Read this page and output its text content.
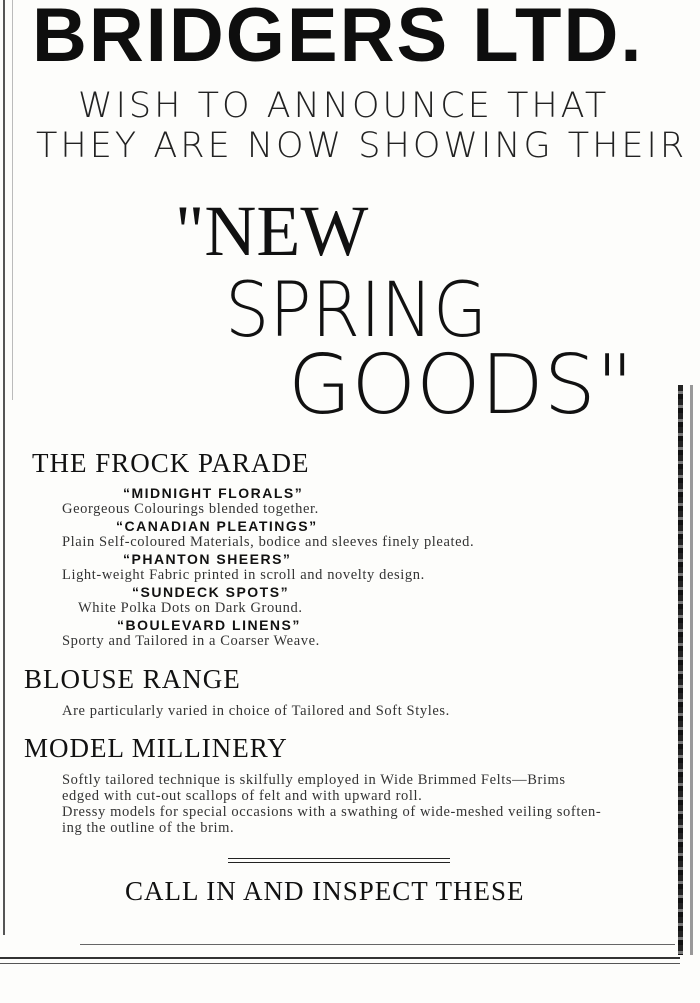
BRIDGERS LTD.
WISH TO ANNOUNCE THAT
THEY ARE NOW SHOWING THEIR
"NEW
SPRING
GOODS"
THE FROCK PARADE
“MIDNIGHT FLORALS”
Georgeous Colourings blended together.
“CANADIAN PLEATINGS”
Plain Self-coloured Materials, bodice and sleeves finely pleated.
“PHANTON SHEERS”
Light-weight Fabric printed in scroll and novelty design.
“SUNDECK SPOTS”
White Polka Dots on Dark Ground.
“BOULEVARD LINENS”
Sporty and Tailored in a Coarser Weave.
BLOUSE RANGE
Are particularly varied in choice of Tailored and Soft Styles.
MODEL MILLINERY
Softly tailored technique is skilfully employed in Wide Brimmed Felts—Brims
edged with cut-out scallops of felt and with upward roll.
Dressy models for special occasions with a swathing of wide-meshed veiling soften-
ing the outline of the brim.
CALL IN AND INSPECT THESE
